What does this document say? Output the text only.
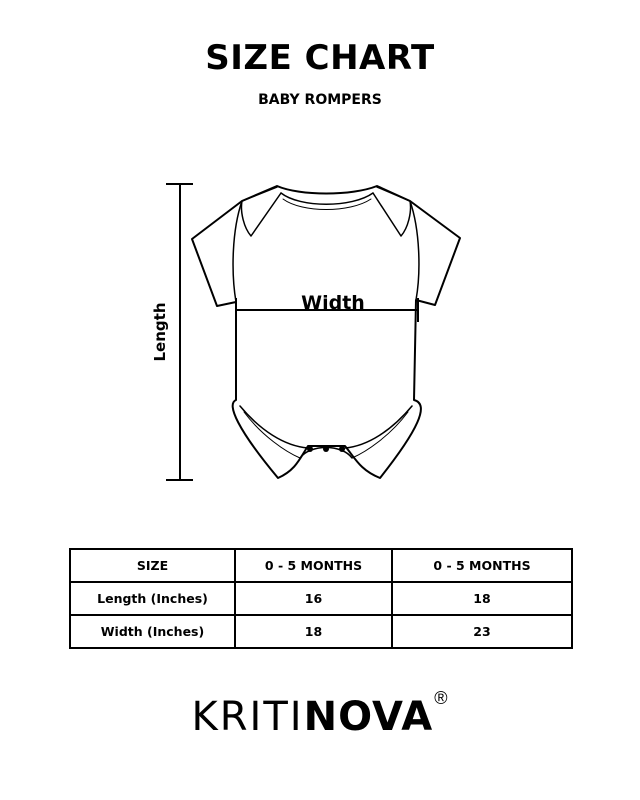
SIZE CHART
BABY ROMPERS
Length	Width
SIZE	0 - 5 MONTHS	0 - 5 MONTHS
Length (Inches)	16	18
Width (Inches)	18	23
KRITINOVA®
